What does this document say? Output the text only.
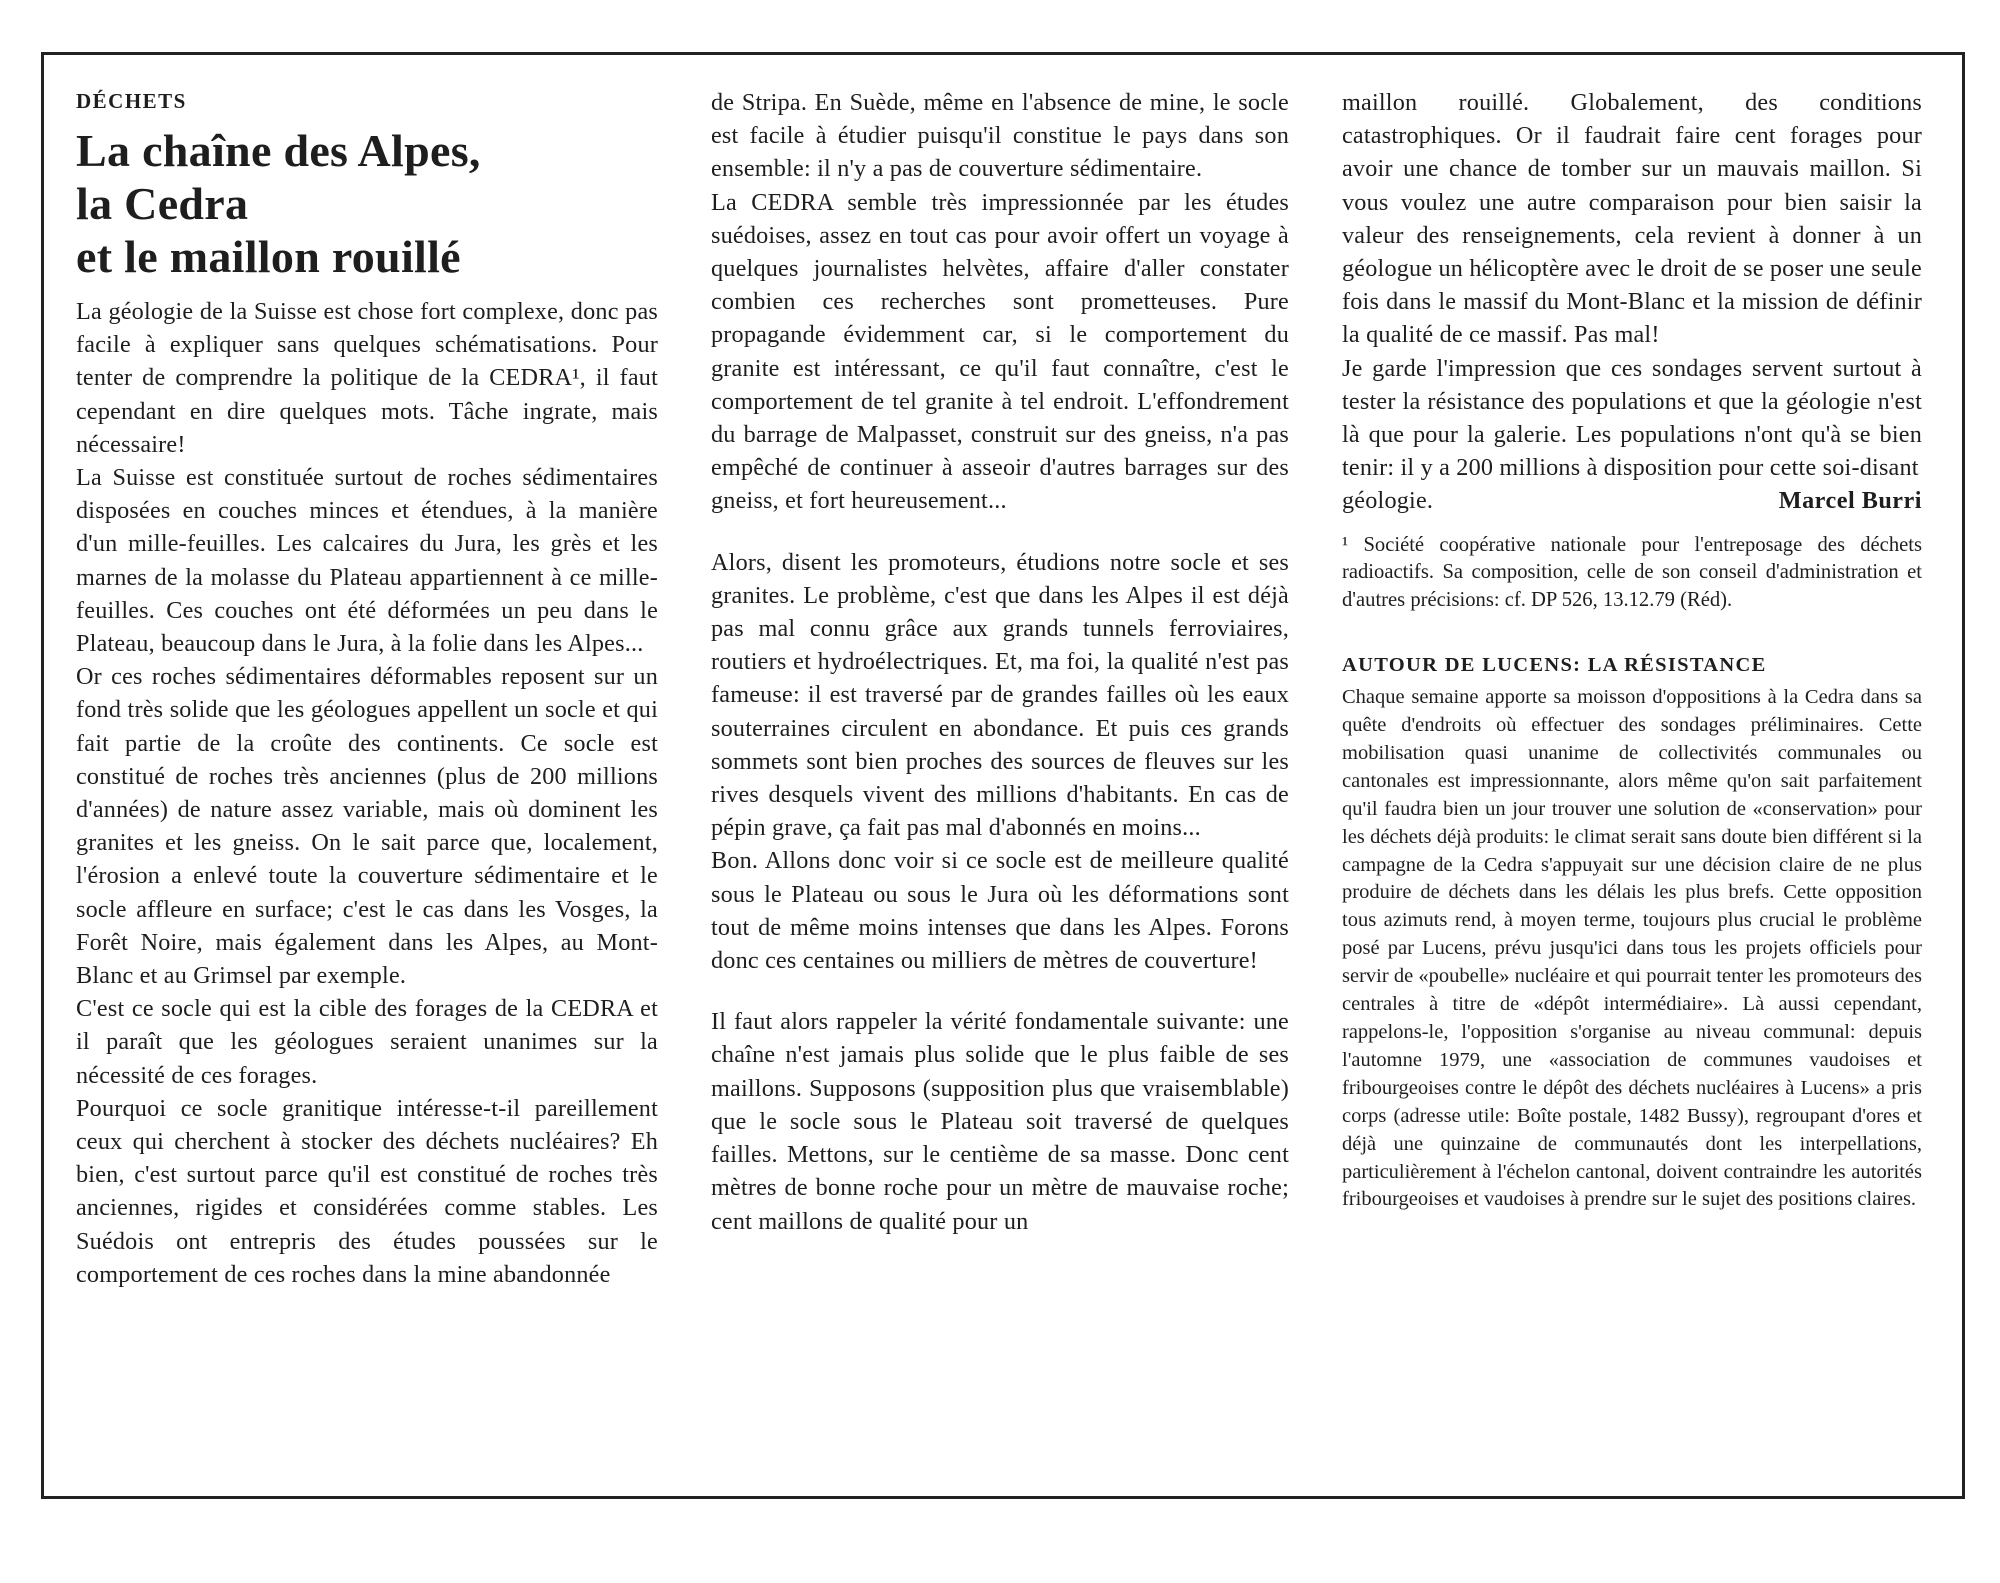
DÉCHETS

La chaîne des Alpes,
la Cedra
et le maillon rouillé

La géologie de la Suisse est chose fort complexe, donc pas facile à expliquer sans quelques schématisations. Pour tenter de comprendre la politique de la CEDRA¹, il faut cependant en dire quelques mots. Tâche ingrate, mais nécessaire!

La Suisse est constituée surtout de roches sédimentaires disposées en couches minces et étendues, à la manière d'un mille-feuilles. Les calcaires du Jura, les grès et les marnes de la molasse du Plateau appartiennent à ce mille-feuilles. Ces couches ont été déformées un peu dans le Plateau, beaucoup dans le Jura, à la folie dans les Alpes...

Or ces roches sédimentaires déformables reposent sur un fond très solide que les géologues appellent un socle et qui fait partie de la croûte des continents. Ce socle est constitué de roches très anciennes (plus de 200 millions d'années) de nature assez variable, mais où dominent les granites et les gneiss. On le sait parce que, localement, l'érosion a enlevé toute la couverture sédimentaire et le socle affleure en surface; c'est le cas dans les Vosges, la Forêt Noire, mais également dans les Alpes, au Mont-Blanc et au Grimsel par exemple.

C'est ce socle qui est la cible des forages de la CEDRA et il paraît que les géologues seraient unanimes sur la nécessité de ces forages.

Pourquoi ce socle granitique intéresse-t-il pareillement ceux qui cherchent à stocker des déchets nucléaires? Eh bien, c'est surtout parce qu'il est constitué de roches très anciennes, rigides et considérées comme stables. Les Suédois ont entrepris des études poussées sur le comportement de ces roches dans la mine abandonnée

de Stripa. En Suède, même en l'absence de mine, le socle est facile à étudier puisqu'il constitue le pays dans son ensemble: il n'y a pas de couverture sédimentaire.

La CEDRA semble très impressionnée par les études suédoises, assez en tout cas pour avoir offert un voyage à quelques journalistes helvètes, affaire d'aller constater combien ces recherches sont prometteuses. Pure propagande évidemment car, si le comportement du granite est intéressant, ce qu'il faut connaître, c'est le comportement de tel granite à tel endroit. L'effondrement du barrage de Malpasset, construit sur des gneiss, n'a pas empêché de continuer à asseoir d'autres barrages sur des gneiss, et fort heureusement...

Alors, disent les promoteurs, étudions notre socle et ses granites. Le problème, c'est que dans les Alpes il est déjà pas mal connu grâce aux grands tunnels ferroviaires, routiers et hydroélectriques. Et, ma foi, la qualité n'est pas fameuse: il est traversé par de grandes failles où les eaux souterraines circulent en abondance. Et puis ces grands sommets sont bien proches des sources de fleuves sur les rives desquels vivent des millions d'habitants. En cas de pépin grave, ça fait pas mal d'abonnés en moins...

Bon. Allons donc voir si ce socle est de meilleure qualité sous le Plateau ou sous le Jura où les déformations sont tout de même moins intenses que dans les Alpes. Forons donc ces centaines ou milliers de mètres de couverture!

Il faut alors rappeler la vérité fondamentale suivante: une chaîne n'est jamais plus solide que le plus faible de ses maillons. Supposons (supposition plus que vraisemblable) que le socle sous le Plateau soit traversé de quelques failles. Mettons, sur le centième de sa masse. Donc cent mètres de bonne roche pour un mètre de mauvaise roche; cent maillons de qualité pour un

maillon rouillé. Globalement, des conditions catastrophiques. Or il faudrait faire cent forages pour avoir une chance de tomber sur un mauvais maillon. Si vous voulez une autre comparaison pour bien saisir la valeur des renseignements, cela revient à donner à un géologue un hélicoptère avec le droit de se poser une seule fois dans le massif du Mont-Blanc et la mission de définir la qualité de ce massif. Pas mal!

Je garde l'impression que ces sondages servent surtout à tester la résistance des populations et que la géologie n'est là que pour la galerie. Les populations n'ont qu'à se bien tenir: il y a 200 millions à disposition pour cette soi-disant

géologie.	Marcel Burri

¹ Société coopérative nationale pour l'entreposage des déchets radioactifs. Sa composition, celle de son conseil d'administration et d'autres précisions: cf. DP 526, 13.12.79 (Réd).

AUTOUR DE LUCENS: LA RÉSISTANCE

Chaque semaine apporte sa moisson d'oppositions à la Cedra dans sa quête d'endroits où effectuer des sondages préliminaires. Cette mobilisation quasi unanime de collectivités communales ou cantonales est impressionnante, alors même qu'on sait parfaitement qu'il faudra bien un jour trouver une solution de «conservation» pour les déchets déjà produits: le climat serait sans doute bien différent si la campagne de la Cedra s'appuyait sur une décision claire de ne plus produire de déchets dans les délais les plus brefs. Cette opposition tous azimuts rend, à moyen terme, toujours plus crucial le problème posé par Lucens, prévu jusqu'ici dans tous les projets officiels pour servir de «poubelle» nucléaire et qui pourrait tenter les promoteurs des centrales à titre de «dépôt intermédiaire». Là aussi cependant, rappelons-le, l'opposition s'organise au niveau communal: depuis l'automne 1979, une «association de communes vaudoises et fribourgeoises contre le dépôt des déchets nucléaires à Lucens» a pris corps (adresse utile: Boîte postale, 1482 Bussy), regroupant d'ores et déjà une quinzaine de communautés dont les interpellations, particulièrement à l'échelon cantonal, doivent contraindre les autorités fribourgeoises et vaudoises à prendre sur le sujet des positions claires.
